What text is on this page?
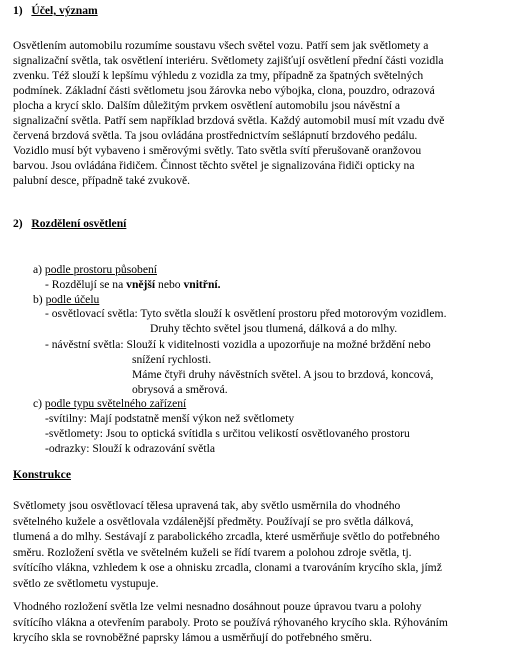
1) Účel, význam
Osvětlením automobilu rozumíme soustavu všech světel vozu. Patří sem jak světlomety a
signalizační světla, tak osvětlení interiéru. Světlomety zajišťují osvětlení přední části vozidla
zvenku. Též slouží k lepšímu výhledu z vozidla za tmy, případně za špatných světelných
podmínek. Základní části světlometu jsou žárovka nebo výbojka, clona, pouzdro, odrazová
plocha a krycí sklo. Dalším důležitým prvkem osvětlení automobilu jsou návěstní a
signalizační světla. Patří sem například brzdová světla. Každý automobil musí mít vzadu dvě
červená brzdová světla. Ta jsou ovládána prostřednictvím sešlápnutí brzdového pedálu.
Vozidlo musí být vybaveno i směrovými světly. Tato světla svítí přerušovaně oranžovou
barvou. Jsou ovládána řidičem. Činnost těchto světel je signalizována řidiči opticky na
palubní desce, případně také zvukově.
2) Rozdělení osvětlení
a) podle prostoru působení
- Rozdělují se na vnější nebo vnitřní.
b) podle účelu
- osvětlovací světla: Tyto světla slouží k osvětlení prostoru před motorovým vozidlem.
Druhy těchto světel jsou tlumená, dálková a do mlhy.
- návěstní světla: Slouží k viditelnosti vozidla a upozorňuje na možné brždění nebo
snížení rychlosti.
Máme čtyři druhy návěstních světel. A jsou to brzdová, koncová,
obrysová a směrová.
c) podle typu světelného zařízení
-svítilny: Mají podstatně menší výkon než světlomety
-světlomety: Jsou to optická svítidla s určitou velikostí osvětlovaného prostoru
-odrazky: Slouží k odrazování světla
Konstrukce
Světlomety jsou osvětlovací tělesa upravená tak, aby světlo usměrnila do vhodného
světelného kužele a osvětlovala vzdálenější předměty. Používají se pro světla dálková,
tlumená a do mlhy. Sestávají z parabolického zrcadla, které usměrňuje světlo do potřebného
směru. Rozložení světla ve světelném kuželi se řídí tvarem a polohou zdroje světla, tj.
svítícího vlákna, vzhledem k ose a ohnisku zrcadla, clonami a tvarováním krycího skla, jímž
světlo ze světlometu vystupuje.
Vhodného rozložení světla lze velmi nesnadno dosáhnout pouze úpravou tvaru a polohy
svítícího vlákna a otevřením paraboly. Proto se používá rýhovaného krycího skla. Rýhováním
krycího skla se rovnoběžné paprsky lámou a usměrňují do potřebného směru.
